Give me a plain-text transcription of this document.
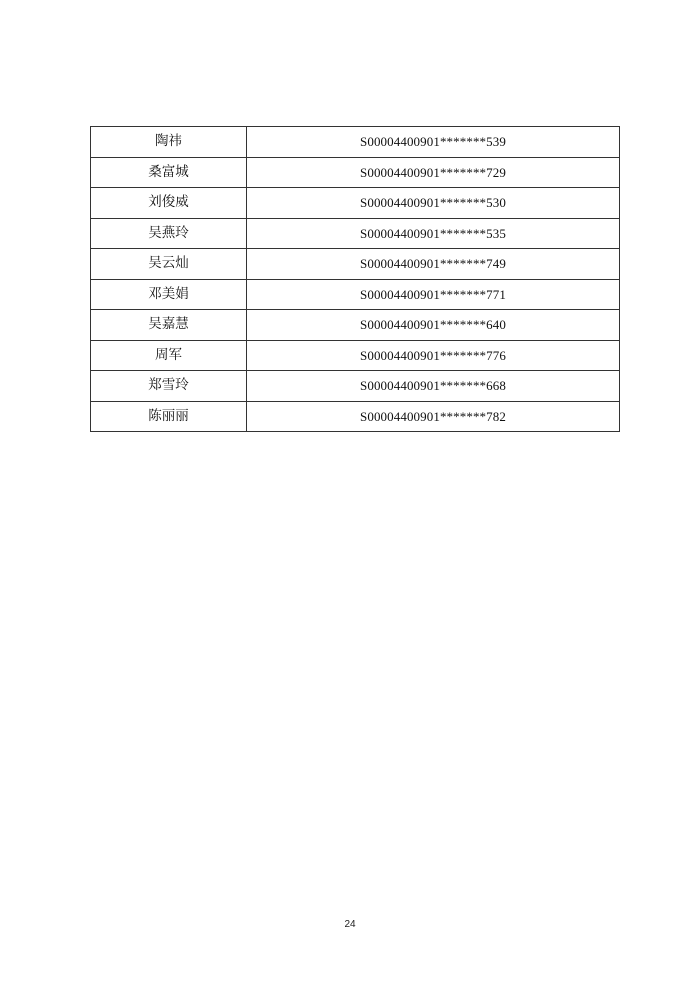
陶祎	S00004400901*******539
桑富城	S00004400901*******729
刘俊威	S00004400901*******530
吴燕玲	S00004400901*******535
吴云灿	S00004400901*******749
邓美娟	S00004400901*******771
吴嘉慧	S00004400901*******640
周军	S00004400901*******776
郑雪玲	S00004400901*******668
陈丽丽	S00004400901*******782
24
